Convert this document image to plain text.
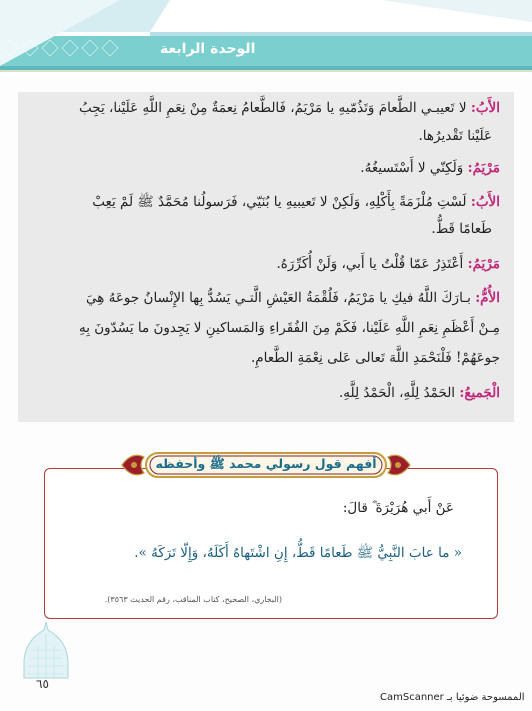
الوحدة الرابعة
الأَبُ: لا تَعيبـي الطَّعامَ وَتَذُمّيهِ يا مَرْيَمُ، فَالطَّعامُ نِعمَةٌ مِنْ نِعَمِ اللَّهِ عَلَيْنا، يَجِبُ
عَلَيْنا تَقْديرُها.
مَرْيَمُ: وَلَكِنّي لا أَسْتَسيغُهُ.
الأَبُ: لَسْتِ مُلْزَمَةً بِأَكْلِهِ، وَلَكِنْ لا تَعيبيهِ يا بُنَيّي، فَرَسولُنا مُحَمَّدٌ ﷺ لَمْ يَعِبْ
طَعامًا قَطُّ.
مَرْيَمُ: أَعْتَذِرُ عَمّا قُلْتُ يا أَبي، وَلَنْ أُكَرِّرَهُ.
الأُمُّ: بـارَكَ اللَّهُ فيكِ يا مَرْيَمُ، فَلُقْمَةُ العَيْشِ الَّتـي يَسُدُّ بِها الإِنْسانُ جوعَهُ هِيَ
مِـنْ أَعْظَمِ نِعَمِ اللَّهِ عَلَيْنا، فَكَمْ مِنَ الفُقَراءِ وَالمَساكينِ لا يَجِدونَ ما يَسُدّونَ بِهِ
جوعَهُمْ! فَلْنَحْمَدِ اللَّهَ تَعالى عَلى نِعْمَةِ الطَّعامِ.
الْجَميعُ: الحَمْدُ لِلَّهِ، الْحَمْدُ لِلَّهِ.
أفهم قول رسولي محمد ﷺ وأحفظه
عَنْ أَبي هُرَيْرَةَ ؓ قالَ:
« ما عابَ النَّبِيُّ ﷺ طَعامًا قَطُّ، إِنِ اشْتَهاهُ أَكَلَهُ، وَإِلّا تَرَكَهُ ».
(البخاري، الصحيح، كتاب المناقب، رقم الحديث ٣٥٦٣).
٦٥
الممسوحة ضوئيا بـ CamScanner
